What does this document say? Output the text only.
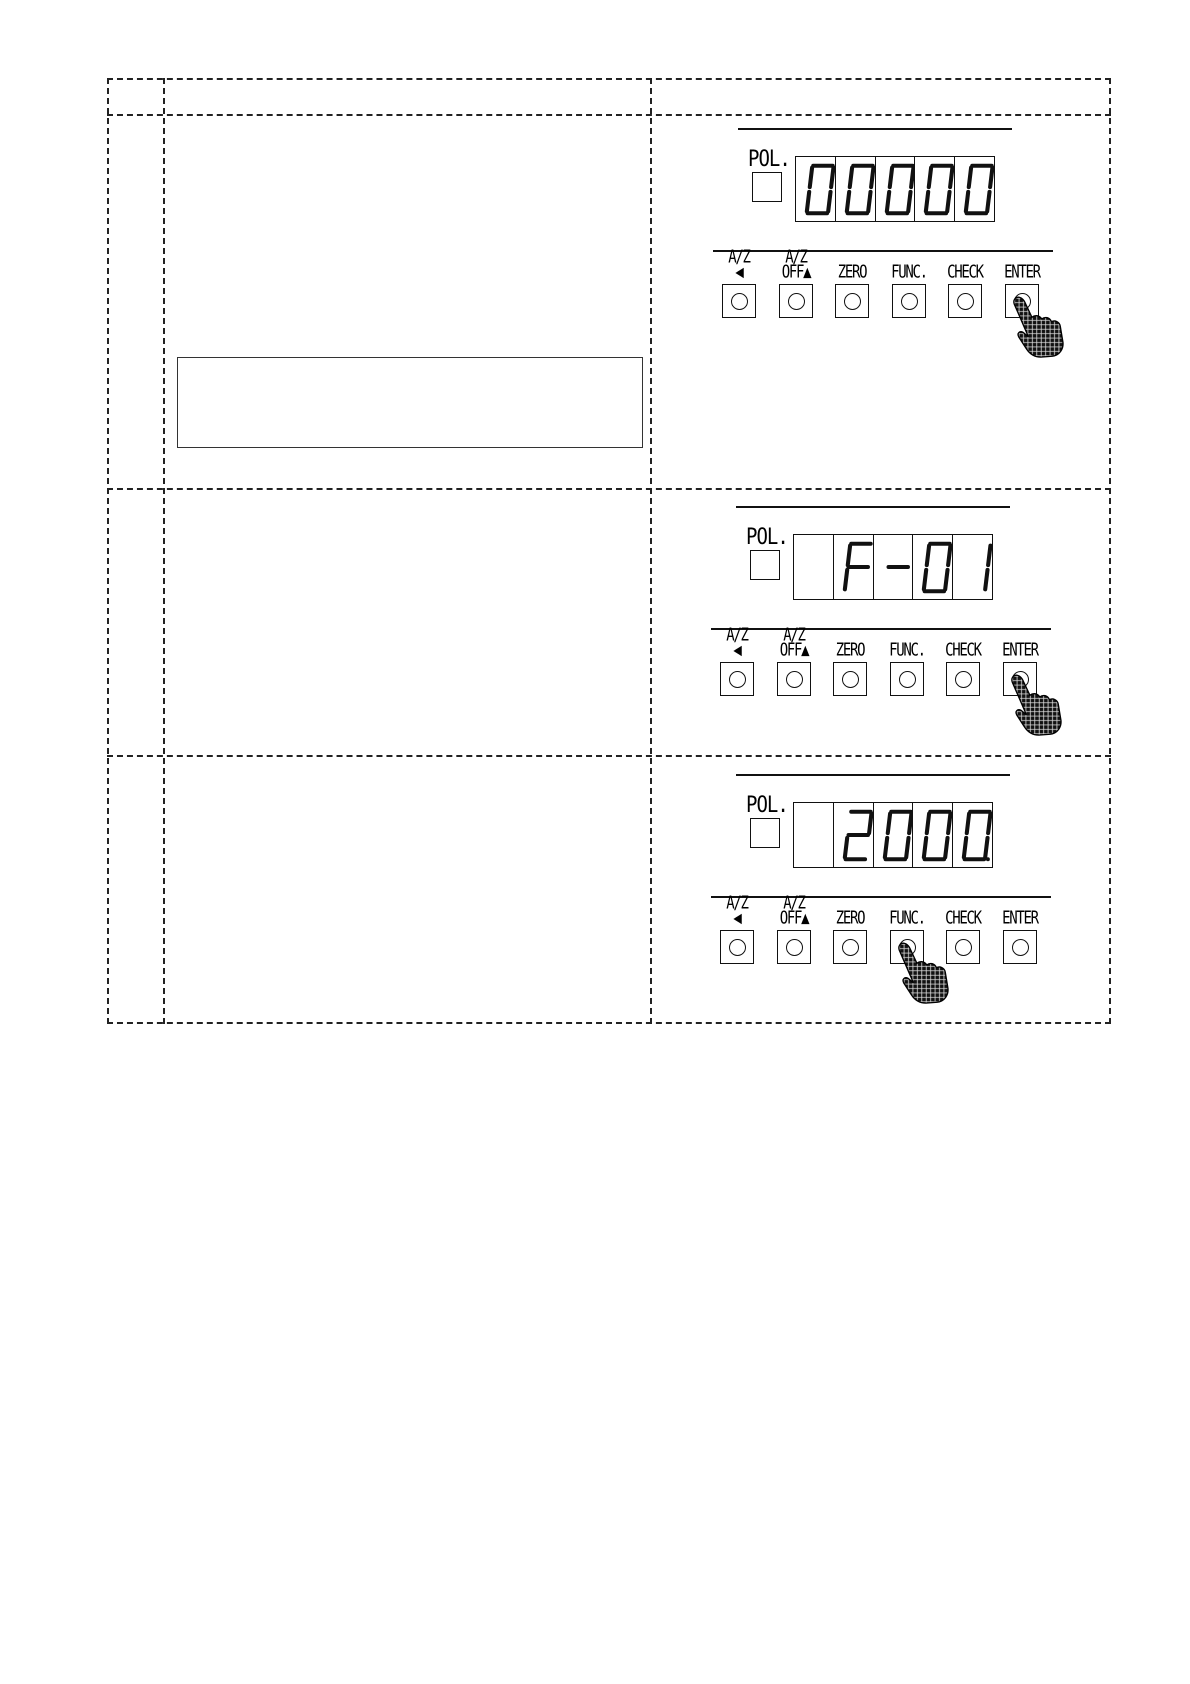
POL.
A/Z
◀
A/Z
OFF▲	ZERO	FUNC. CHECK ENTER
POL.
A/Z
◀
A/Z
OFF▲	ZERO	FUNC. CHECK ENTER
POL.
A/Z
◀
A/Z
OFF▲	ZERO	FUNC. CHECK ENTER
